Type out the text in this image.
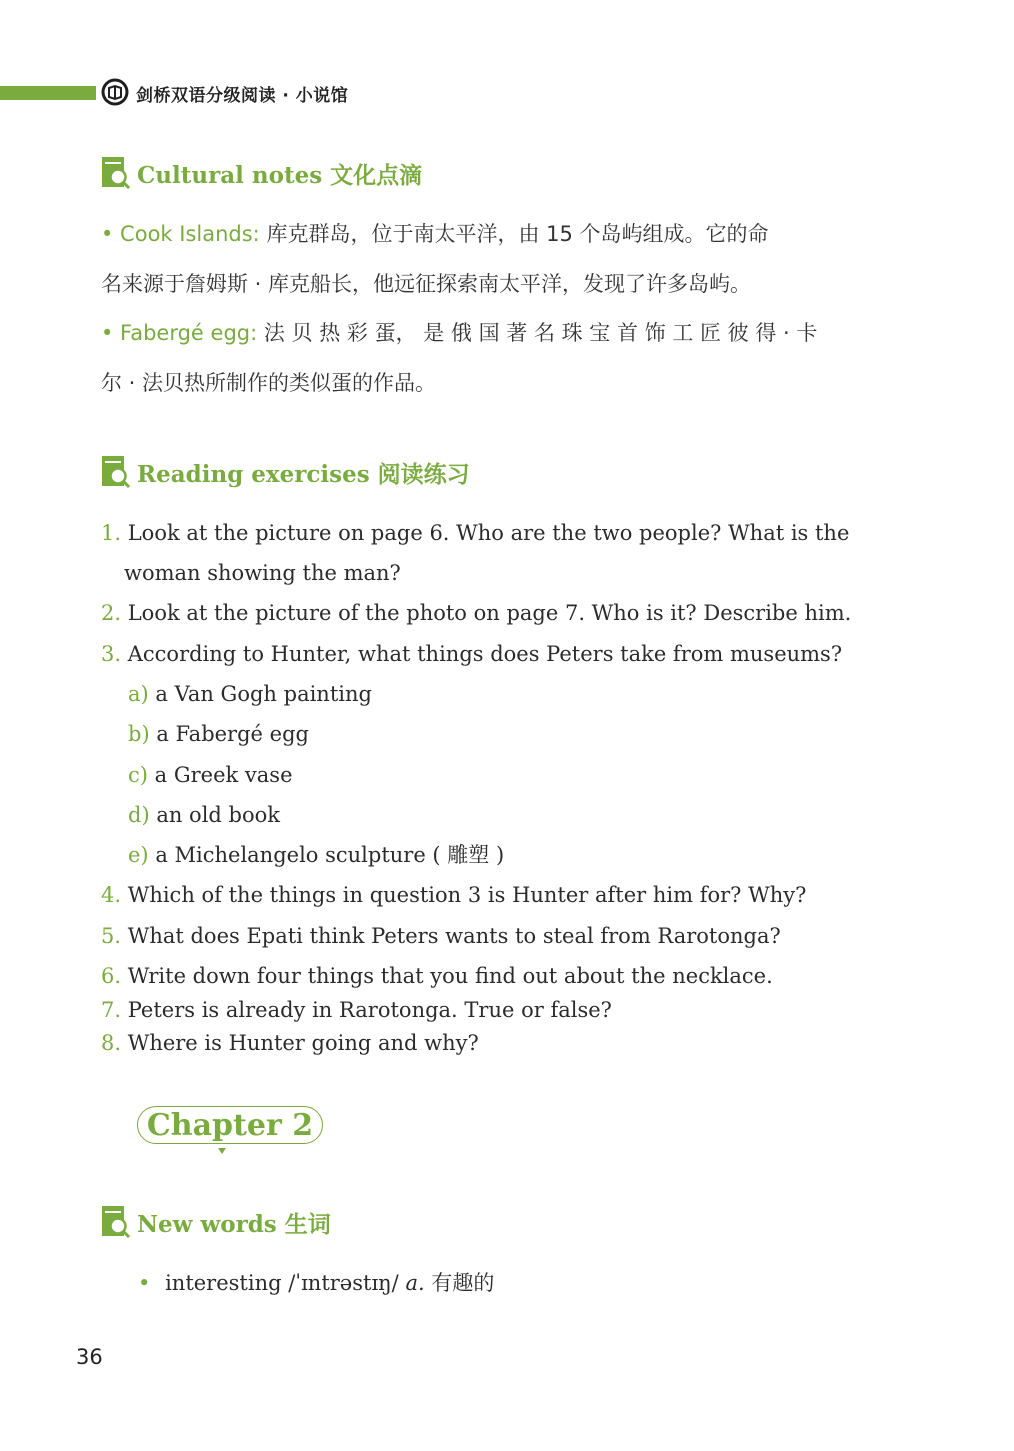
剑桥双语分级阅读 · 小说馆
Cultural notes 文化点滴
• Cook Islands: 库克群岛，位于南太平洋，由 15 个岛屿组成。它的命
名来源于詹姆斯 · 库克船长，他远征探索南太平洋，发现了许多岛屿。
• Fabergé egg: 法 贝 热 彩 蛋， 是 俄 国 著 名 珠 宝 首 饰 工 匠 彼 得 · 卡
尔 · 法贝热所制作的类似蛋的作品。
Reading exercises 阅读练习
1. Look at the picture on page 6. Who are the two people? What is the
woman showing the man?
2. Look at the picture of the photo on page 7. Who is it? Describe him.
3. According to Hunter, what things does Peters take from museums?
a) a Van Gogh painting
b) a Fabergé egg
c) a Greek vase
d) an old book
e) a Michelangelo sculpture ( 雕塑 )
4. Which of the things in question 3 is Hunter after him for? Why?
5. What does Epati think Peters wants to steal from Rarotonga?
6. Write down four things that you find out about the necklace.
7. Peters is already in Rarotonga. True or false?
8. Where is Hunter going and why?
Chapter 2
New words 生词
• interesting /ˈɪntrəstɪŋ/ a. 有趣的
36
